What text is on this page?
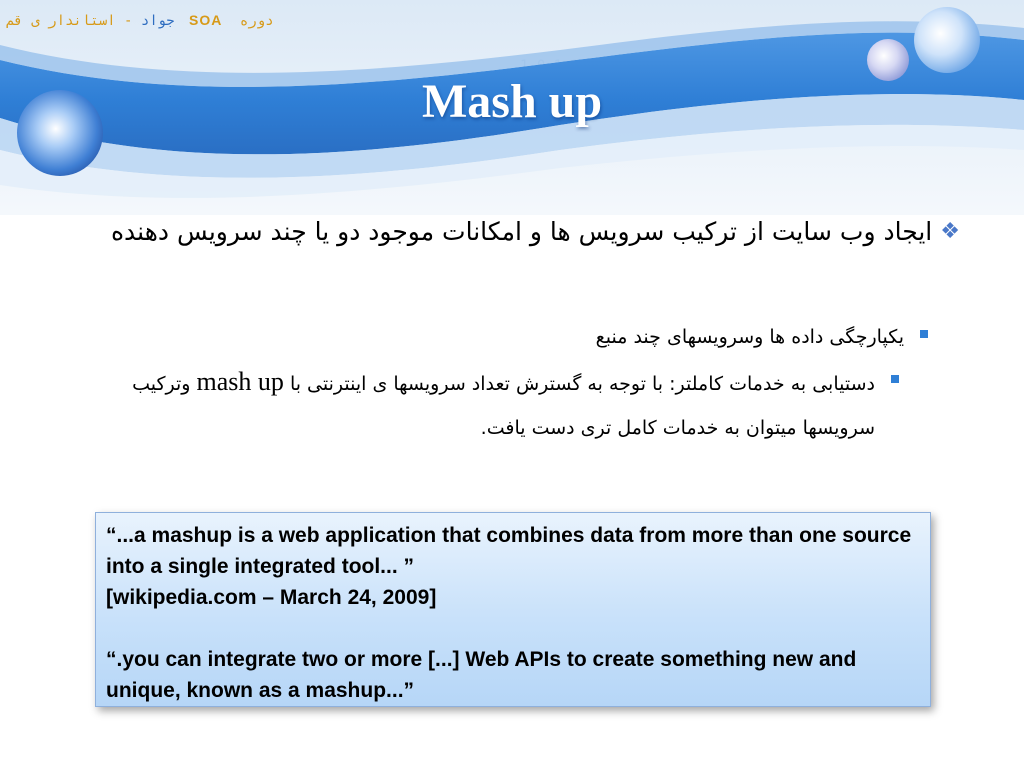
جواد - استاندار ی قم	SOA دوره
Mash up
❖ایجاد وب سایت از ترکیب سرویس ها و امکانات موجود دو یا چند سرویس دهنده
یکپارچگی داده ها وسرویسهای چند منبع
دستیابی به خدمات کاملتر: با توجه به گسترش تعداد سرویسها ی اینترنتی با mash up وترکیب سرویسها میتوان به خدمات کامل تری دست یافت.

“...a mashup is a web application that combines data from more than one source into a single integrated tool... ”

[wikipedia.com – March 24, 2009]

“.you can integrate two or more [...] Web APIs to create something new and unique, known as a mashup...”
